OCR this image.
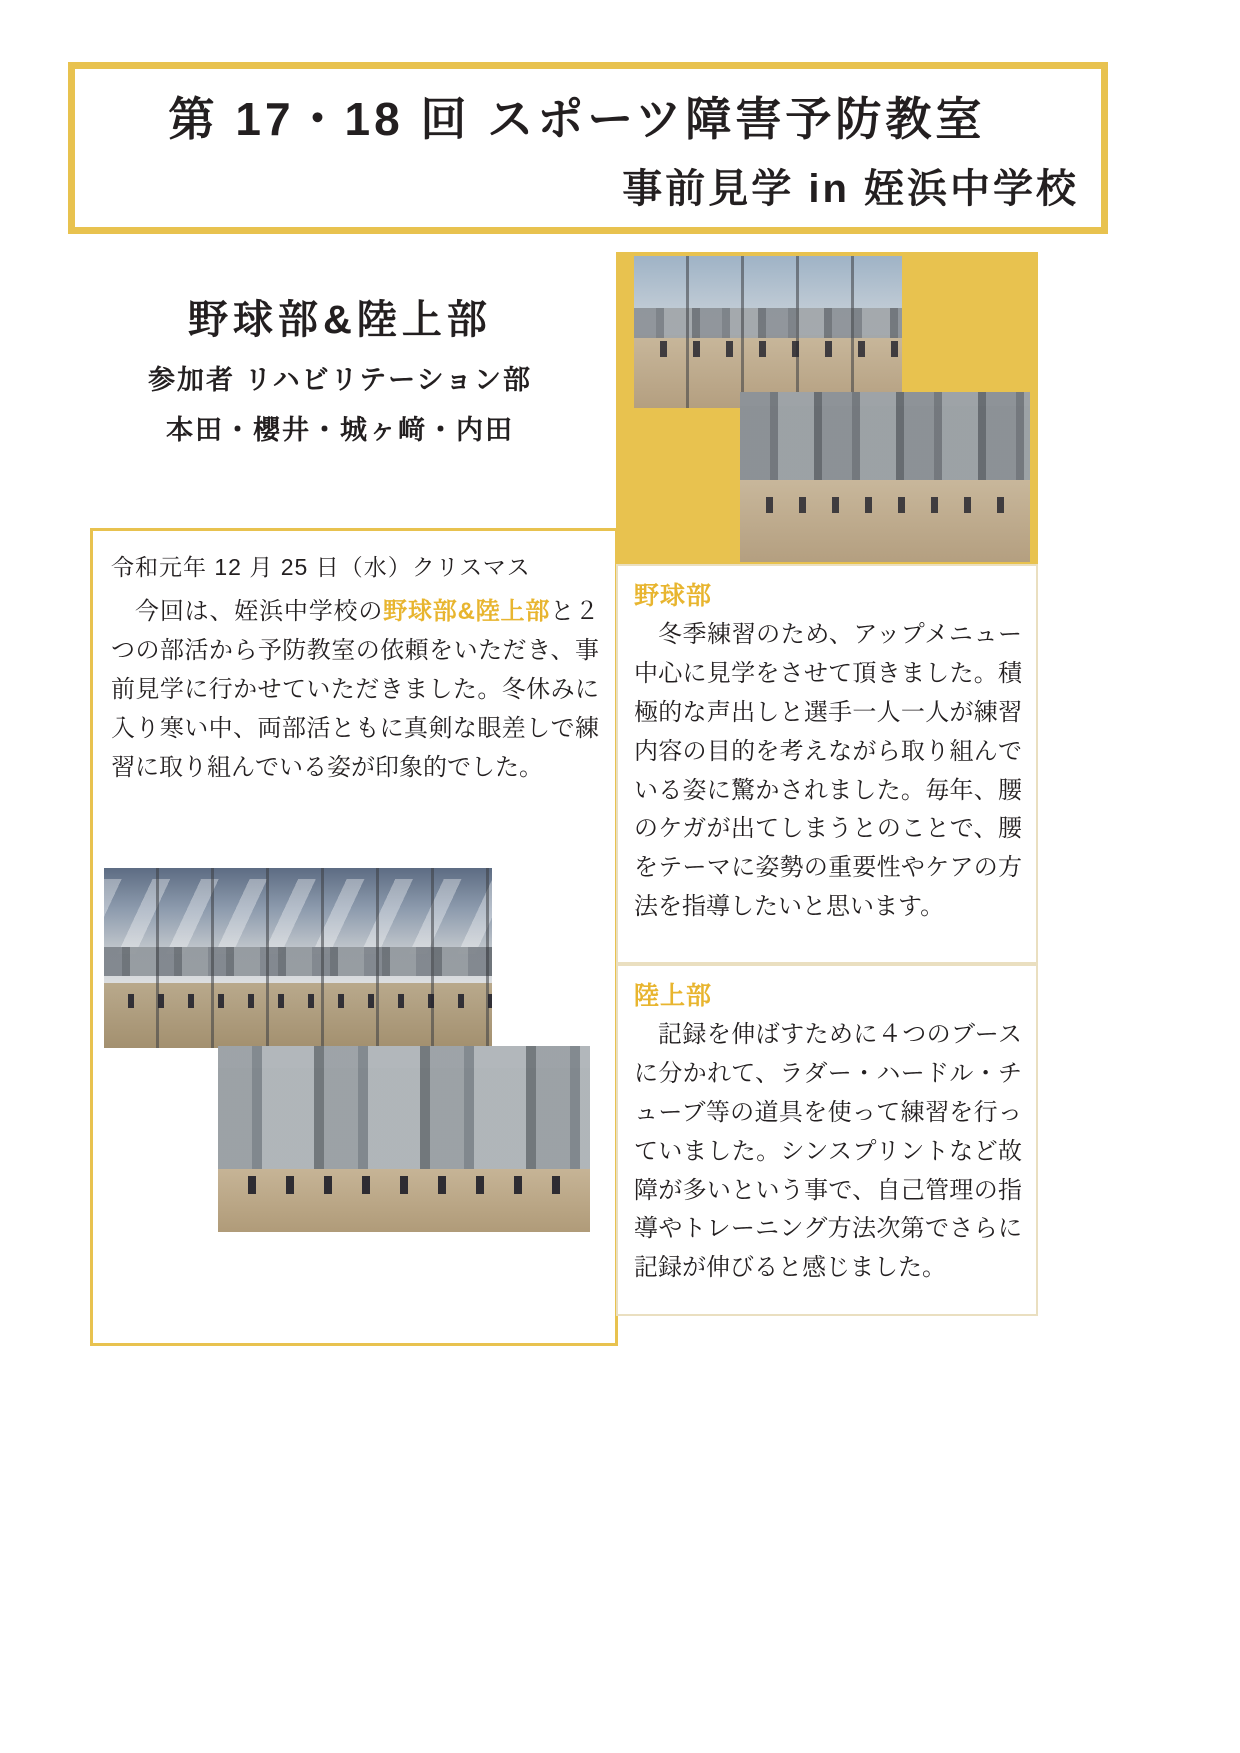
第 17・18 回 スポーツ障害予防教室
事前見学 in 姪浜中学校
野球部&陸上部
参加者 リハビリテーション部
本田・櫻井・城ヶ﨑・内田
令和元年 12 月 25 日（水）クリスマス
今回は、姪浜中学校の野球部&陸上部と２つの部活から予防教室の依頼をいただき、事前見学に行かせていただきました。冬休みに入り寒い中、両部活ともに真剣な眼差しで練習に取り組んでいる姿が印象的でした。
野球部
冬季練習のため、アップメニュー中心に見学をさせて頂きました。積極的な声出しと選手一人一人が練習内容の目的を考えながら取り組んでいる姿に驚かされました。毎年、腰のケガが出てしまうとのことで、腰をテーマに姿勢の重要性やケアの方法を指導したいと思います。
陸上部
記録を伸ばすために４つのブースに分かれて、ラダー・ハードル・チューブ等の道具を使って練習を行っていました。シンスプリントなど故障が多いという事で、自己管理の指導やトレーニング方法次第でさらに記録が伸びると感じました。
